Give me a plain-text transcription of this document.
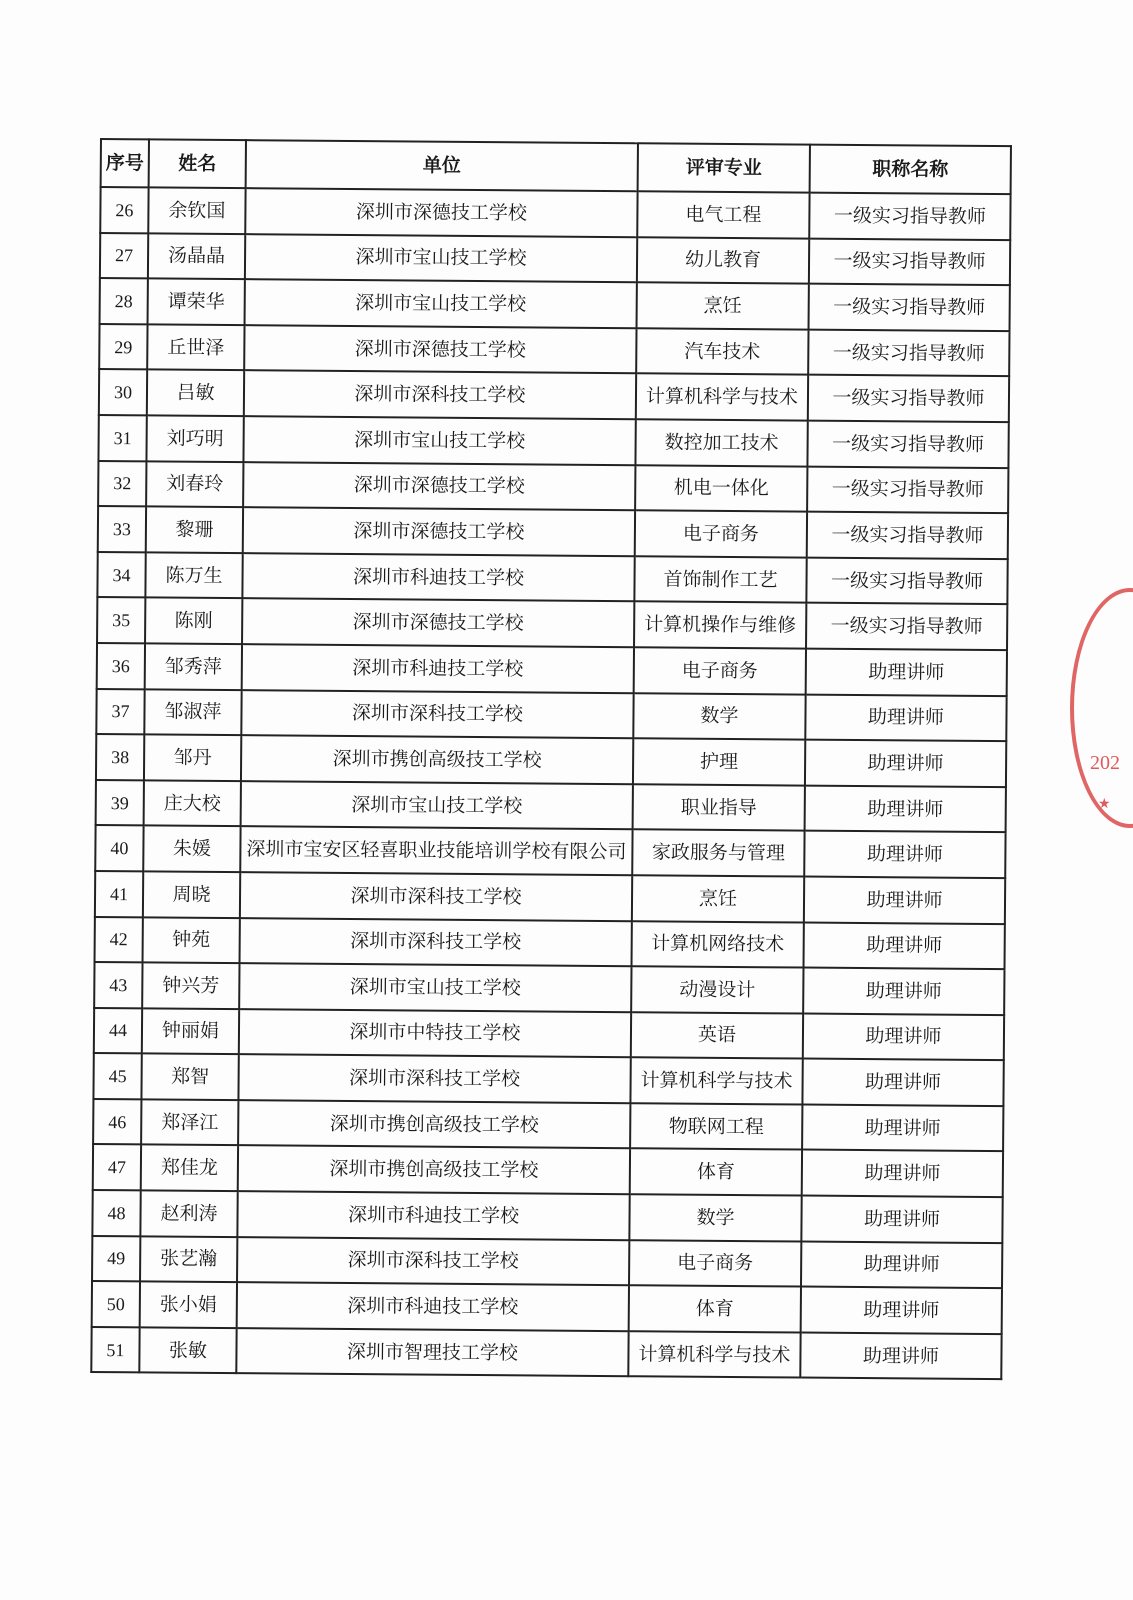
序号	姓名	单位	评审专业	职称名称
26	余钦国	深圳市深德技工学校	电气工程	一级实习指导教师
27	汤晶晶	深圳市宝山技工学校	幼儿教育	一级实习指导教师
28	谭荣华	深圳市宝山技工学校	烹饪	一级实习指导教师
29	丘世泽	深圳市深德技工学校	汽车技术	一级实习指导教师
30	吕敏	深圳市深科技工学校	计算机科学与技术	一级实习指导教师
31	刘巧明	深圳市宝山技工学校	数控加工技术	一级实习指导教师
32	刘春玲	深圳市深德技工学校	机电一体化	一级实习指导教师
33	黎珊	深圳市深德技工学校	电子商务	一级实习指导教师
34	陈万生	深圳市科迪技工学校	首饰制作工艺	一级实习指导教师
35	陈刚	深圳市深德技工学校	计算机操作与维修	一级实习指导教师
36	邹秀萍	深圳市科迪技工学校	电子商务	助理讲师
37	邹淑萍	深圳市深科技工学校	数学	助理讲师
38	邹丹	深圳市携创高级技工学校	护理	助理讲师
39	庄大校	深圳市宝山技工学校	职业指导	助理讲师
40	朱媛	深圳市宝安区轻喜职业技能培训学校有限公司	家政服务与管理	助理讲师
41	周晓	深圳市深科技工学校	烹饪	助理讲师
42	钟苑	深圳市深科技工学校	计算机网络技术	助理讲师
43	钟兴芳	深圳市宝山技工学校	动漫设计	助理讲师
44	钟丽娟	深圳市中特技工学校	英语	助理讲师
45	郑智	深圳市深科技工学校	计算机科学与技术	助理讲师
46	郑泽江	深圳市携创高级技工学校	物联网工程	助理讲师
47	郑佳龙	深圳市携创高级技工学校	体育	助理讲师
48	赵利涛	深圳市科迪技工学校	数学	助理讲师
49	张艺瀚	深圳市深科技工学校	电子商务	助理讲师
50	张小娟	深圳市科迪技工学校	体育	助理讲师
51	张敏	深圳市智理技工学校	计算机科学与技术	助理讲师
202
★
